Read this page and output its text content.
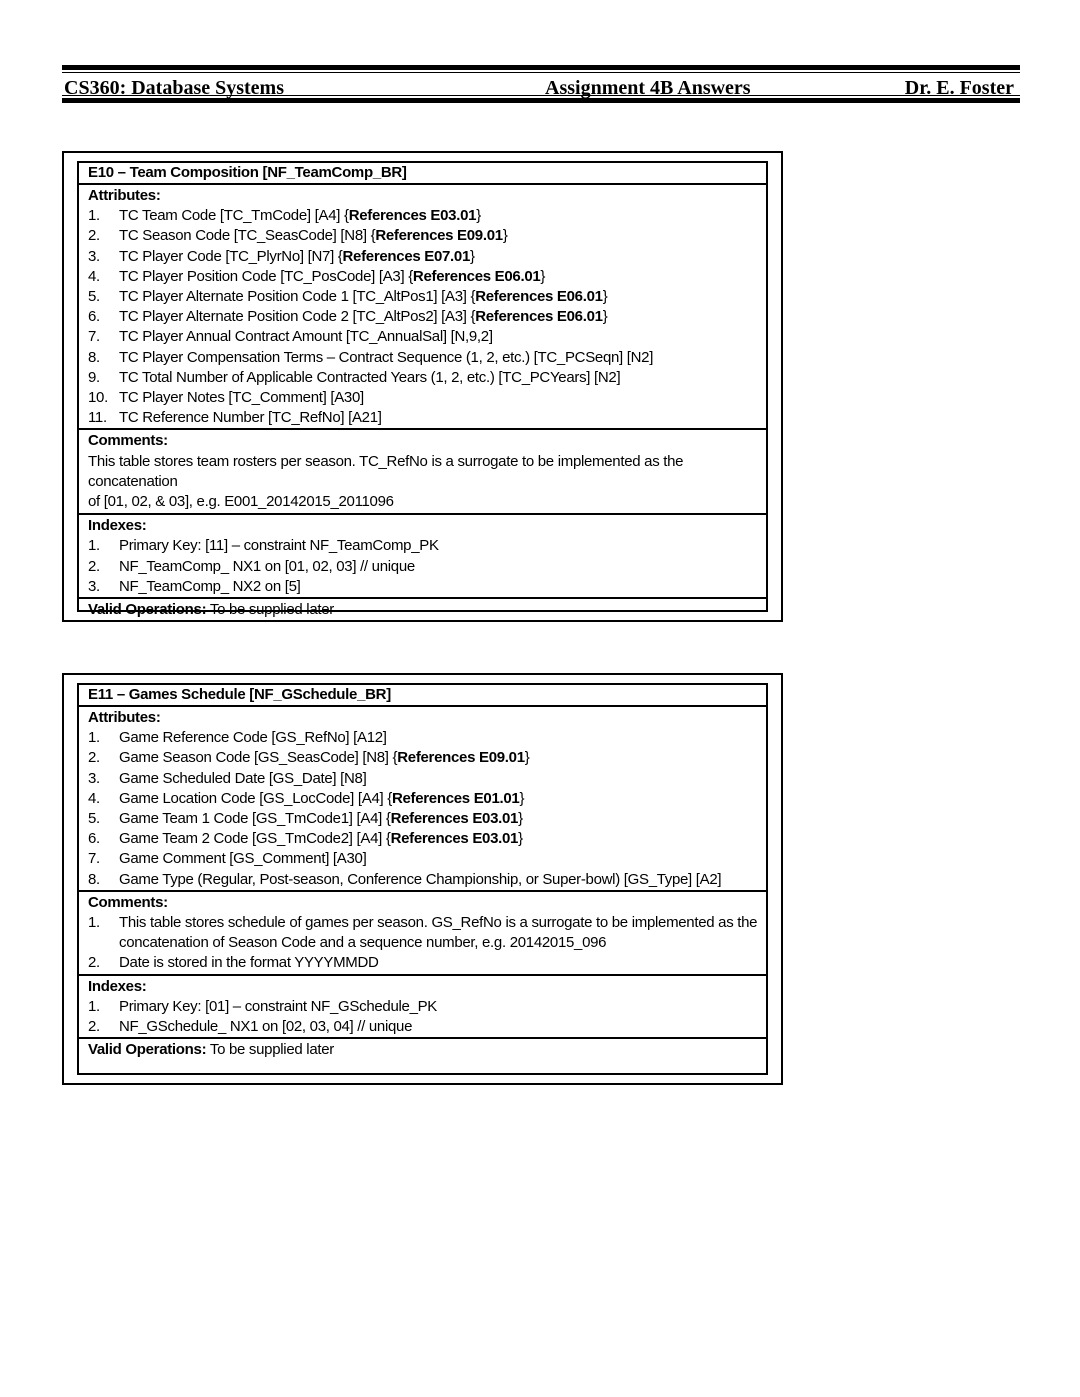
CS360: Database Systems	Assignment 4B Answers	Dr. E. Foster
E10 – Team Composition [NF_TeamComp_BR]
Attributes:
1.	TC Team Code [TC_TmCode] [A4] {References E03.01}
2.	TC Season Code [TC_SeasCode] [N8] {References E09.01}
3.	TC Player Code [TC_PlyrNo] [N7] {References E07.01}
4.	TC Player Position Code [TC_PosCode] [A3] {References E06.01}
5.	TC Player Alternate Position Code 1 [TC_AltPos1] [A3] {References E06.01}
6.	TC Player Alternate Position Code 2 [TC_AltPos2] [A3] {References E06.01}
7.	TC Player Annual Contract Amount [TC_AnnualSal] [N,9,2]
8.	TC Player Compensation Terms – Contract Sequence (1, 2, etc.) [TC_PCSeqn] [N2]
9.	TC Total Number of Applicable Contracted Years (1, 2, etc.) [TC_PCYears] [N2]
10. TC Player Notes [TC_Comment] [A30]
11. TC Reference Number [TC_RefNo] [A21]
Comments:
This table stores team rosters per season. TC_RefNo is a surrogate to be implemented as the concatenation
of [01, 02, & 03], e.g. E001_20142015_2011096
Indexes:
1.	Primary Key: [11] – constraint NF_TeamComp_PK
2.	NF_TeamComp_ NX1 on [01, 02, 03] // unique
3.	NF_TeamComp_ NX2 on [5]
Valid Operations: To be supplied later
E11 – Games Schedule [NF_GSchedule_BR]
Attributes:
1.	Game Reference Code [GS_RefNo] [A12]
2.	Game Season Code [GS_SeasCode] [N8] {References E09.01}
3.	Game Scheduled Date [GS_Date] [N8]
4.	Game Location Code [GS_LocCode] [A4] {References E01.01}
5.	Game Team 1 Code [GS_TmCode1] [A4] {References E03.01}
6.	Game Team 2 Code [GS_TmCode2] [A4] {References E03.01}
7.	Game Comment [GS_Comment] [A30]
8.	Game Type (Regular, Post-season, Conference Championship, or Super-bowl) [GS_Type] [A2]
Comments:
1.	This table stores schedule of games per season. GS_RefNo is a surrogate to be implemented as the
concatenation of Season Code and a sequence number, e.g. 20142015_096
2.	Date is stored in the format YYYYMMDD
Indexes:
1.	Primary Key: [01] – constraint NF_GSchedule_PK
2.	NF_GSchedule_ NX1 on [02, 03, 04] // unique
Valid Operations: To be supplied later
